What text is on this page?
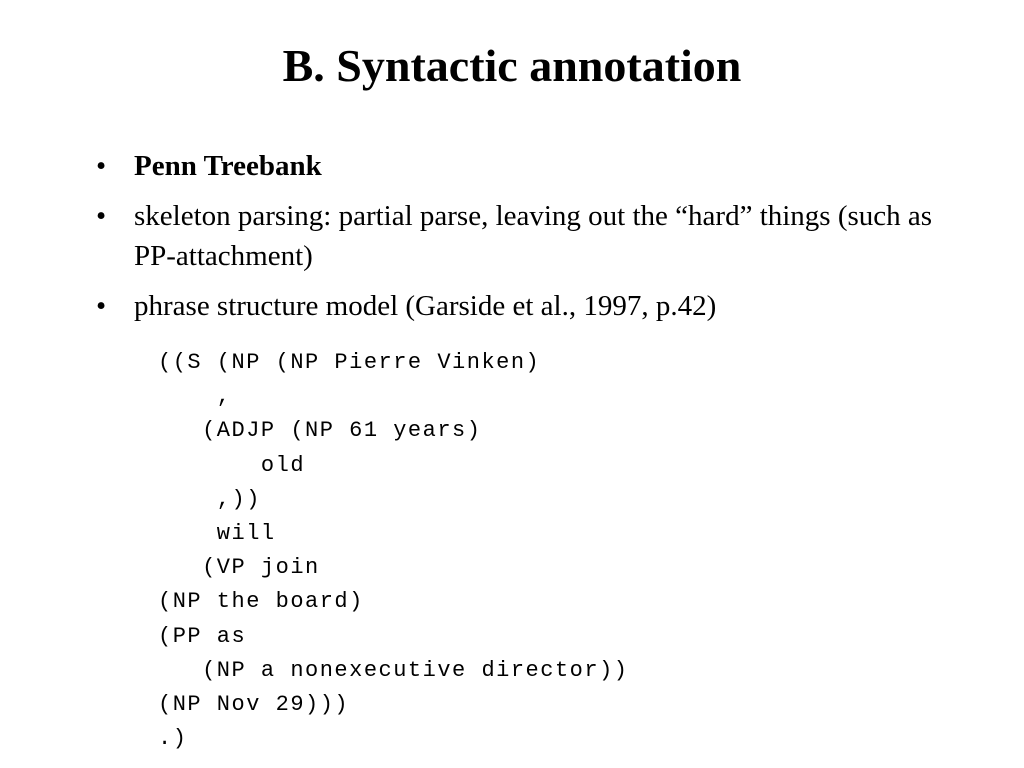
B. Syntactic annotation
• Penn Treebank
• skeleton parsing: partial parse, leaving out the “hard” things (such as PP-attachment)
• phrase structure model (Garside et al., 1997, p.42)
((S (NP (NP Pierre Vinken)
,
(ADJP (NP 61 years)
old
,))
will
(VP join
(NP the board)
(PP as
(NP a nonexecutive director))
(NP Nov 29)))
.)
